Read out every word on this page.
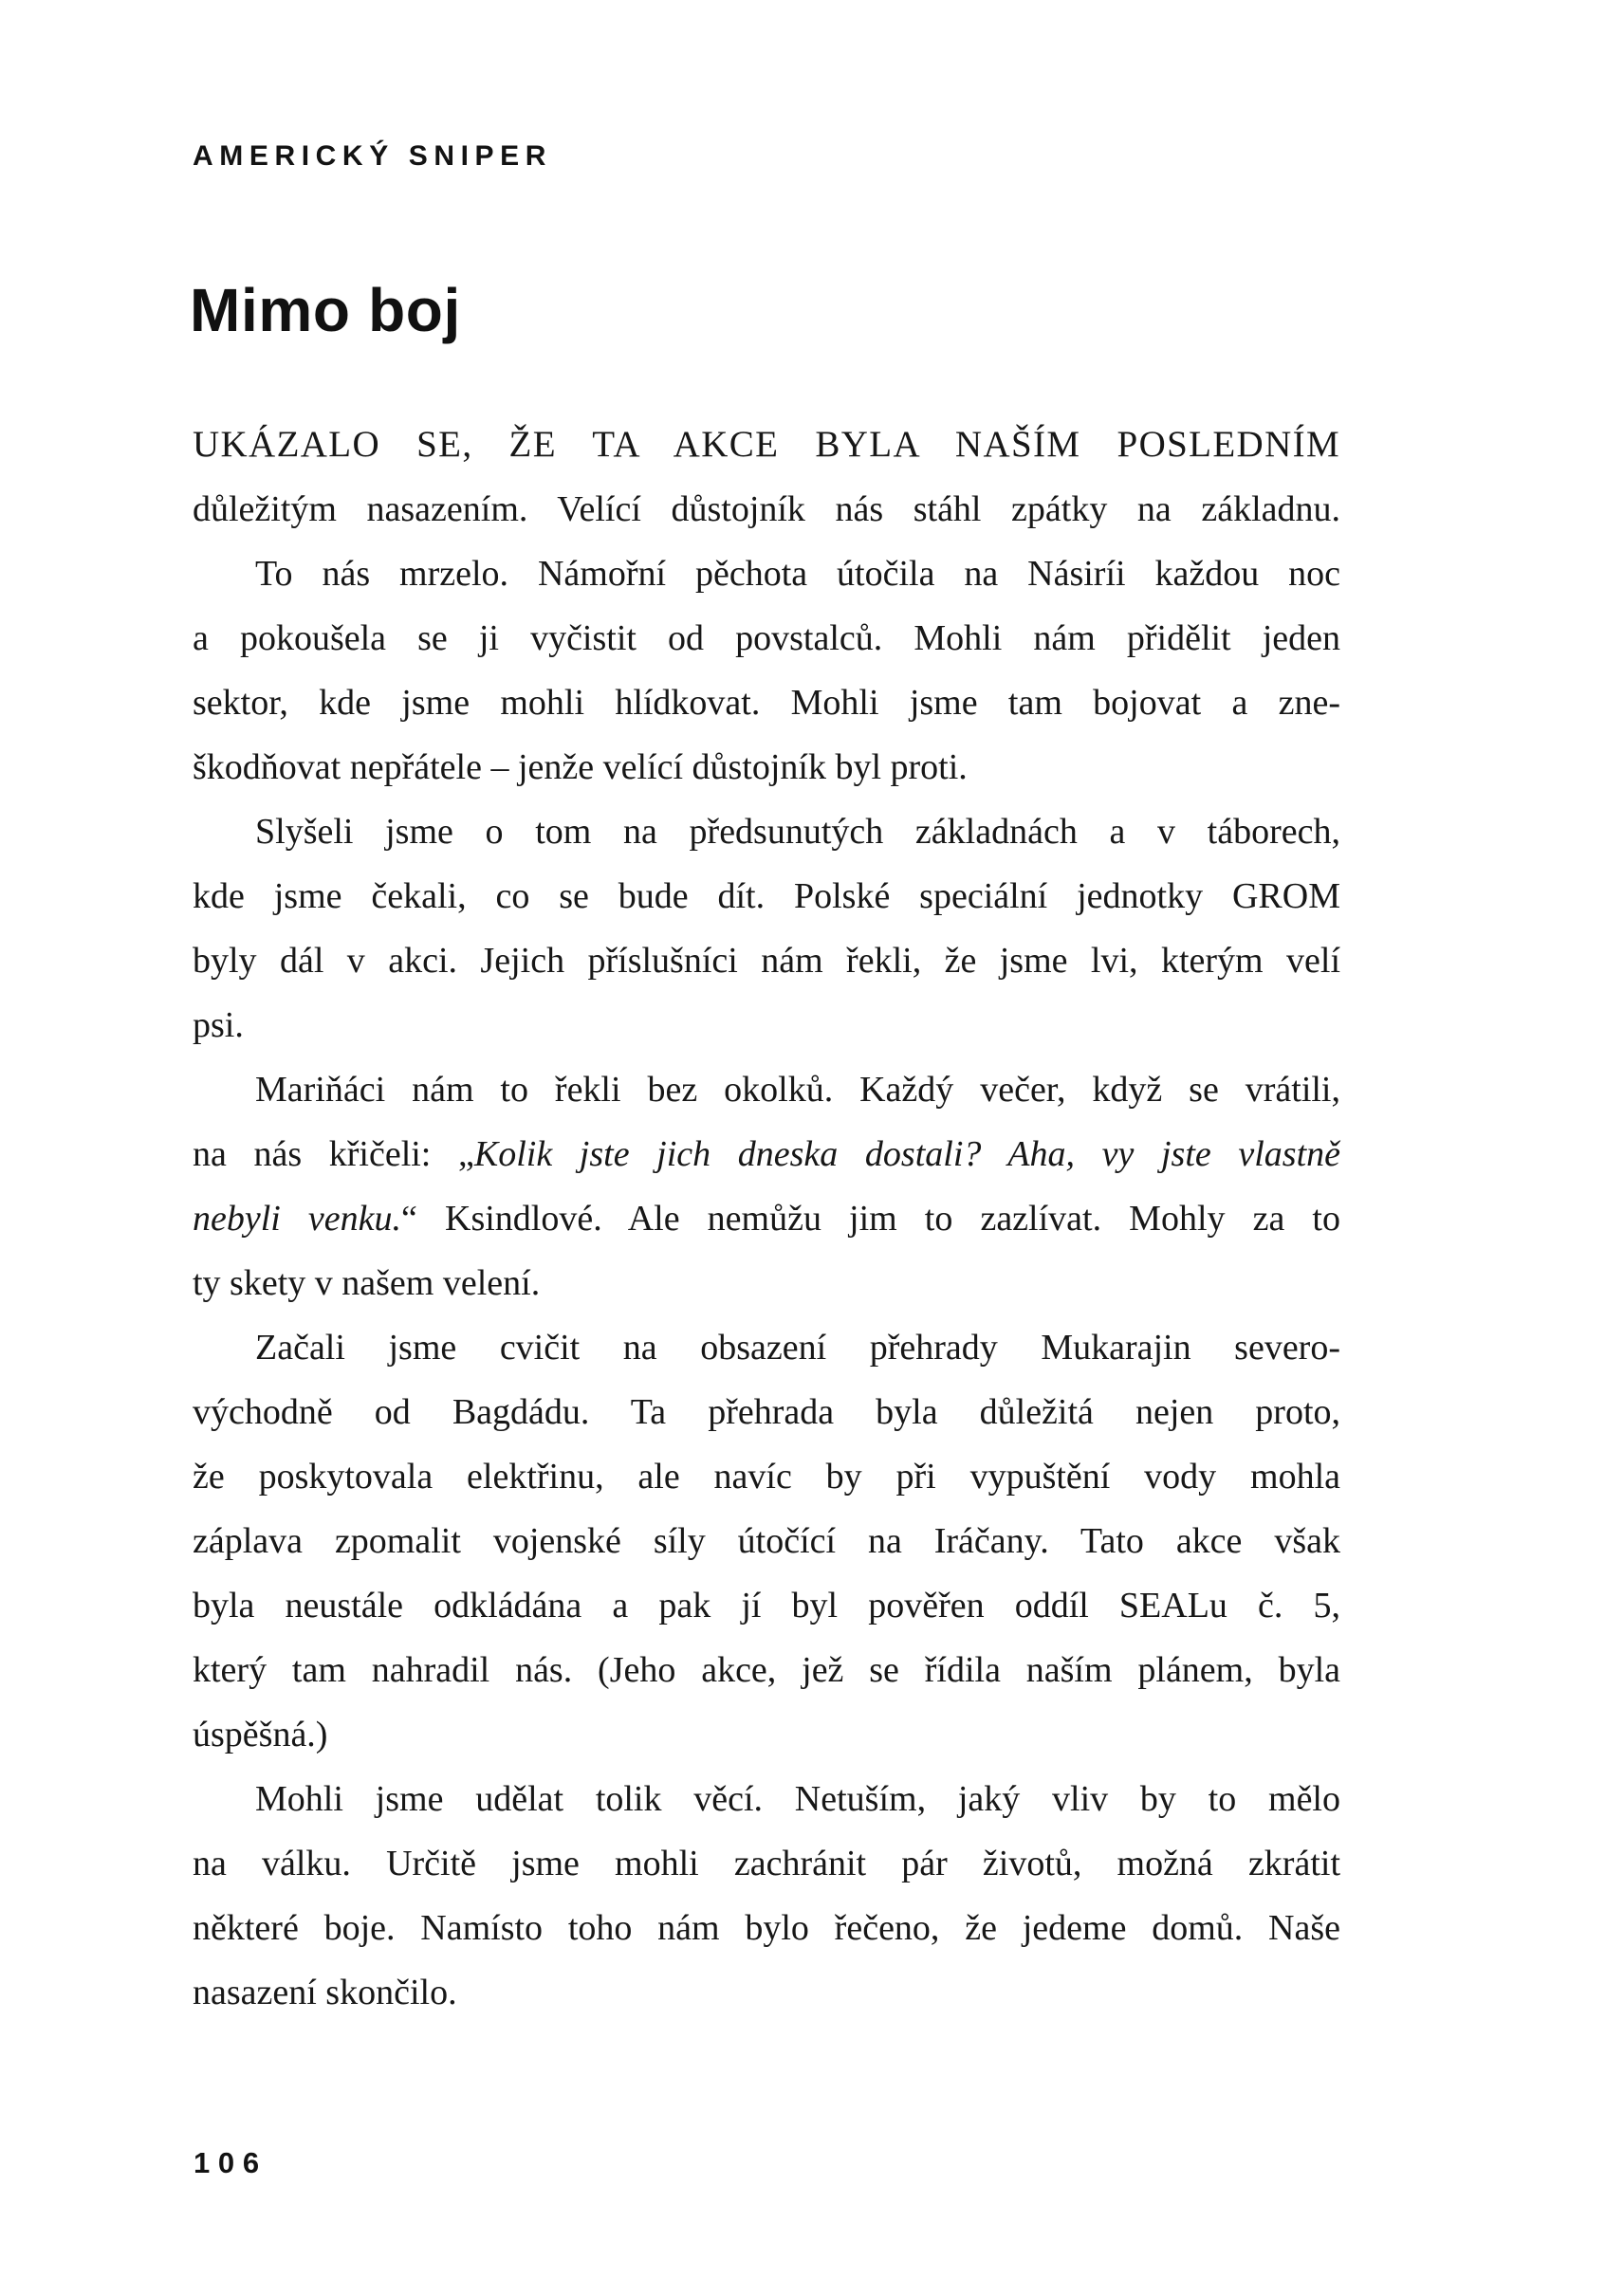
AMERICKÝ SNIPER
Mimo boj
UKÁZALO SE, ŽE TA AKCE BYLA NAŠÍM POSLEDNÍM
důležitým nasazením. Velící důstojník nás stáhl zpátky na základnu.
To nás mrzelo. Námořní pěchota útočila na Násiríi každou noc
a pokoušela se ji vyčistit od povstalců. Mohli nám přidělit jeden
sektor, kde jsme mohli hlídkovat. Mohli jsme tam bojovat a zne-
škodňovat nepřátele – jenže velící důstojník byl proti.
Slyšeli jsme o tom na předsunutých základnách a v táborech,
kde jsme čekali, co se bude dít. Polské speciální jednotky GROM
byly dál v akci. Jejich příslušníci nám řekli, že jsme lvi, kterým velí
psi.
Mariňáci nám to řekli bez okolků. Každý večer, když se vrátili,
na nás křičeli: „Kolik jste jich dneska dostali? Aha, vy jste vlastně
nebyli venku.“ Ksindlové. Ale nemůžu jim to zazlívat. Mohly za to
ty skety v našem velení.
Začali jsme cvičit na obsazení přehrady Mukarajin severo-
východně od Bagdádu. Ta přehrada byla důležitá nejen proto,
že poskytovala elektřinu, ale navíc by při vypuštění vody mohla
záplava zpomalit vojenské síly útočící na Iráčany. Tato akce však
byla neustále odkládána a pak jí byl pověřen oddíl SEALu č. 5,
který tam nahradil nás. (Jeho akce, jež se řídila naším plánem, byla
úspěšná.)
Mohli jsme udělat tolik věcí. Netuším, jaký vliv by to mělo
na válku. Určitě jsme mohli zachránit pár životů, možná zkrátit
některé boje. Namísto toho nám bylo řečeno, že jedeme domů. Naše
nasazení skončilo.
106
